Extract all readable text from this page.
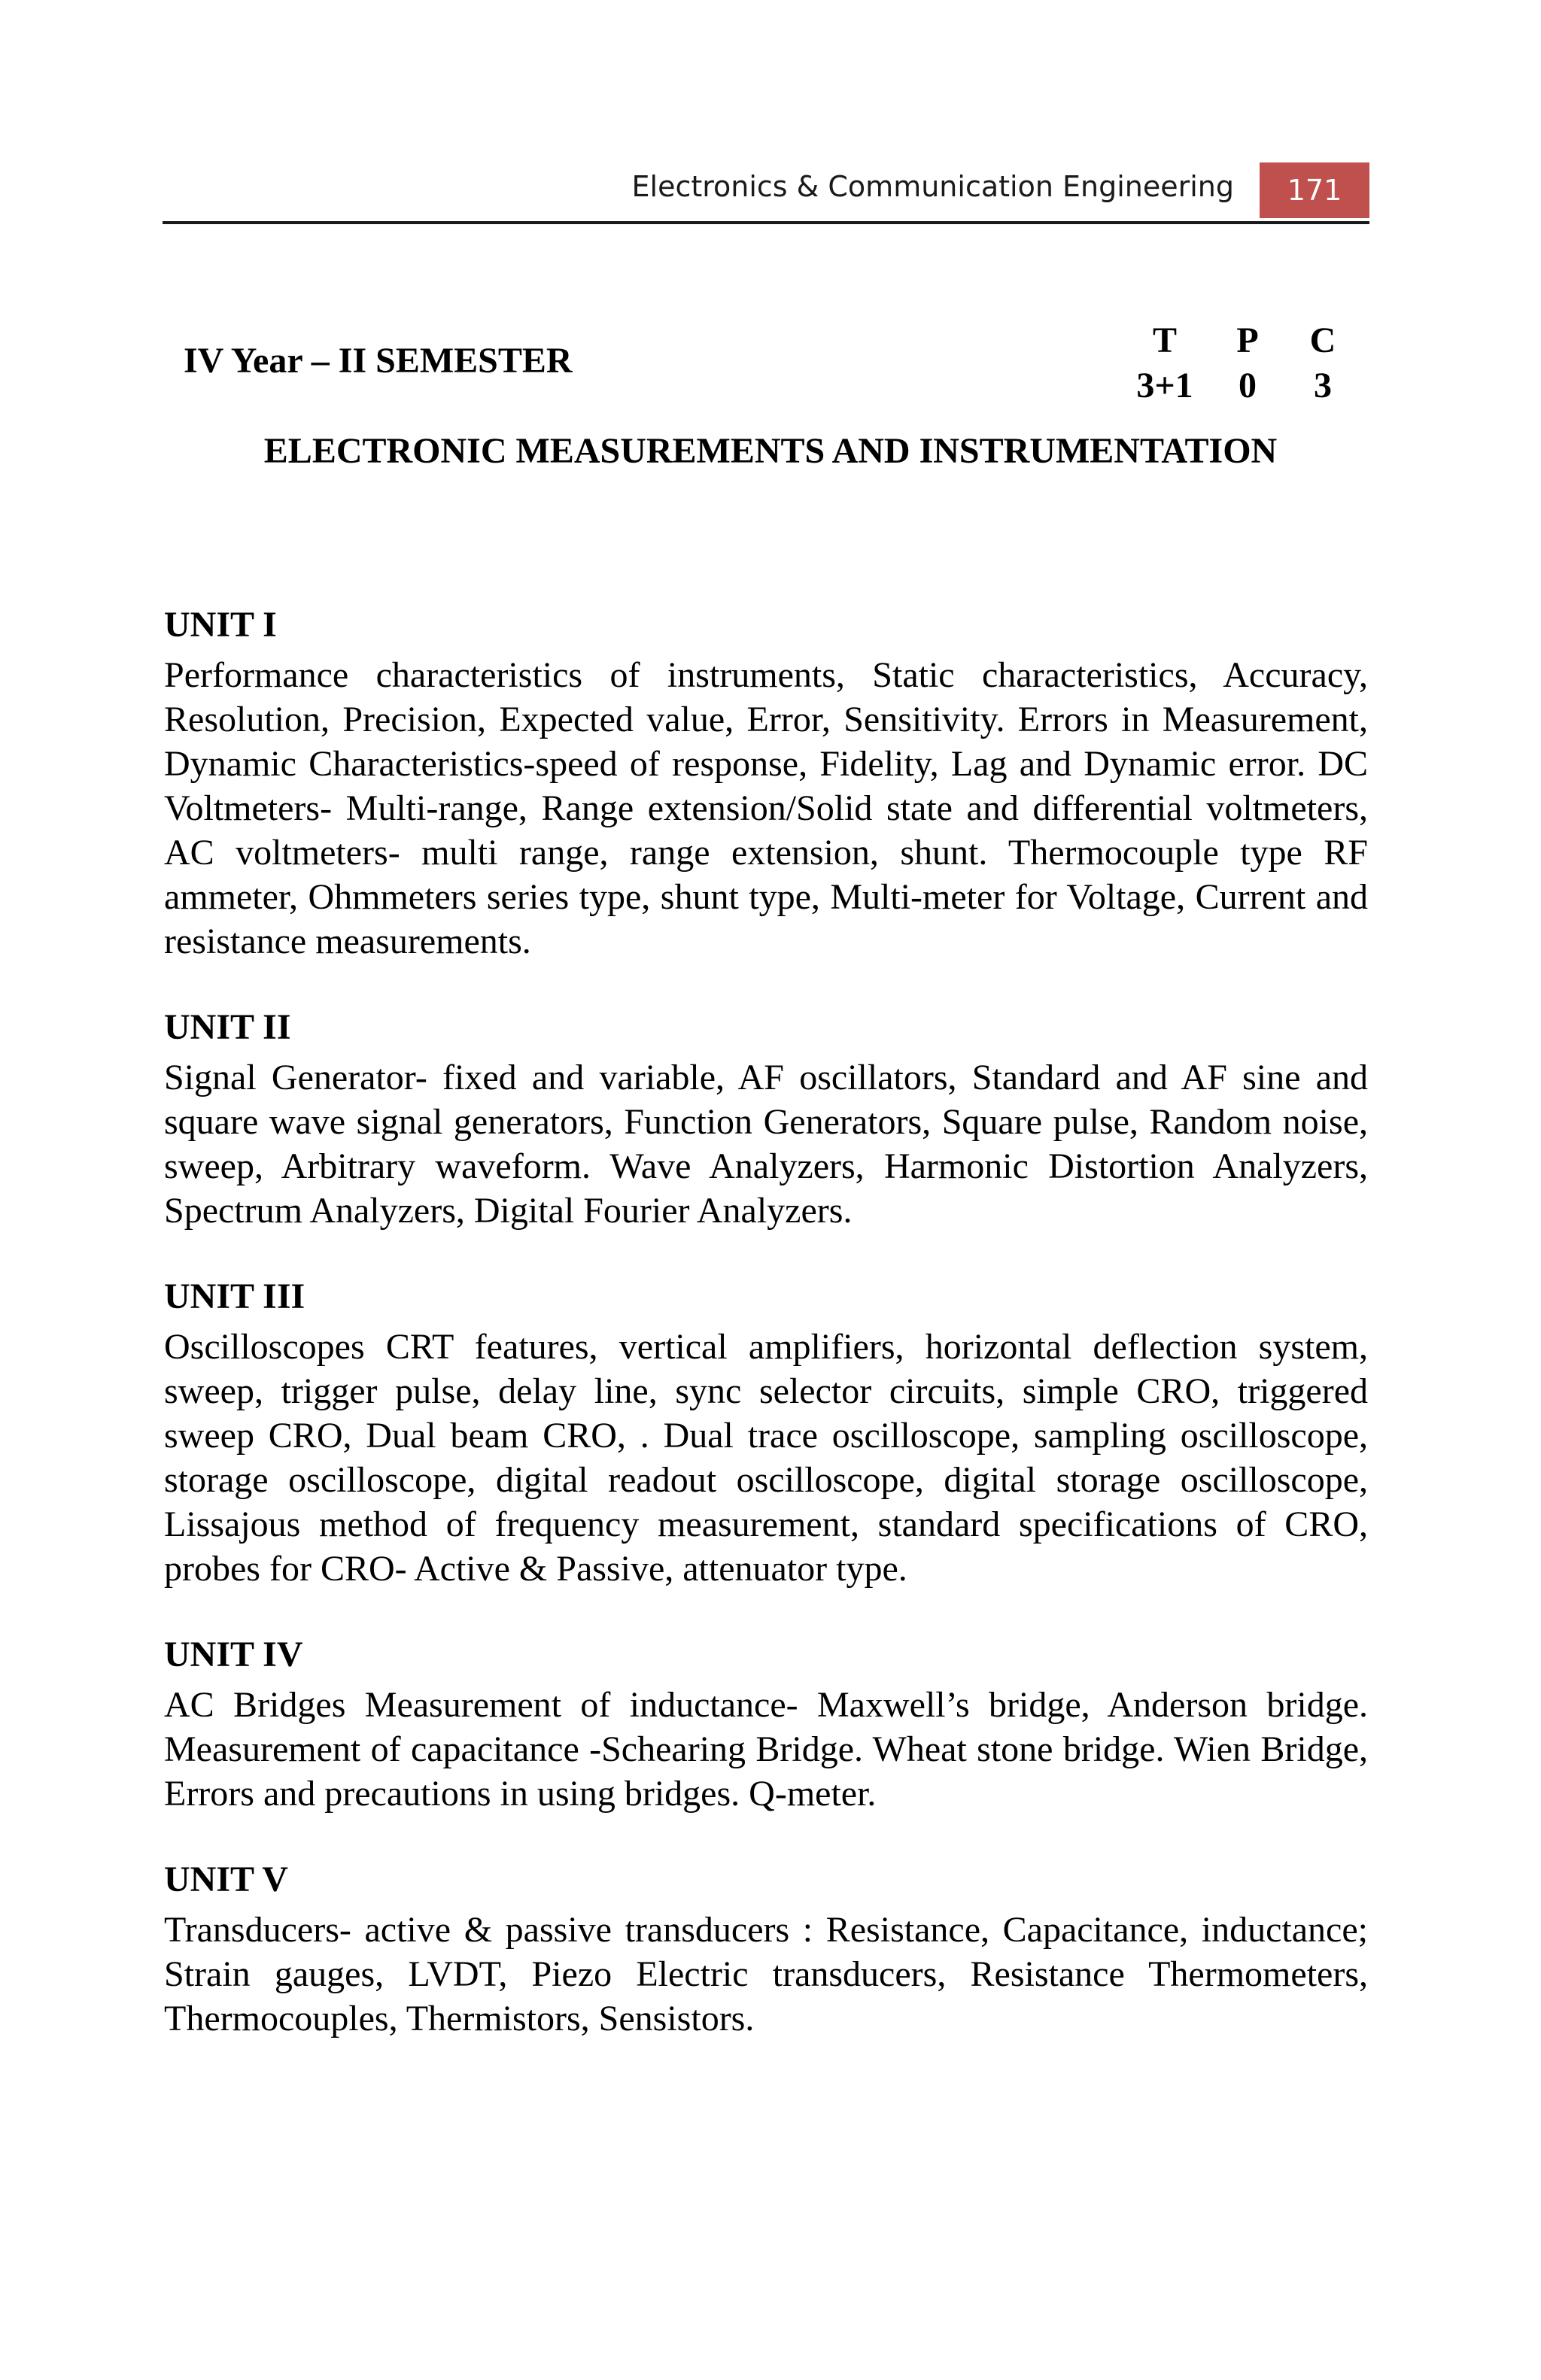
Electronics & Communication Engineering	171
IV Year – II SEMESTER
T	P	C
3+1	0	3
ELECTRONIC MEASUREMENTS AND INSTRUMENTATION
UNIT I

Performance characteristics of instruments, Static characteristics, Accuracy, Resolution, Precision, Expected value, Error, Sensitivity. Errors in Measurement, Dynamic Characteristics-speed of response, Fidelity, Lag and Dynamic error. DC Voltmeters- Multi-range, Range extension/Solid state and differential voltmeters, AC voltmeters- multi range, range extension, shunt. Thermocouple type RF ammeter, Ohmmeters series type, shunt type, Multi-meter for Voltage, Current and resistance measurements.

UNIT II

Signal Generator- fixed and variable, AF oscillators, Standard and AF sine and square wave signal generators, Function Generators, Square pulse, Random noise, sweep, Arbitrary waveform. Wave Analyzers, Harmonic Distortion Analyzers, Spectrum Analyzers, Digital Fourier Analyzers.

UNIT III

Oscilloscopes CRT features, vertical amplifiers, horizontal deflection system, sweep, trigger pulse, delay line, sync selector circuits, simple CRO, triggered sweep CRO, Dual beam CRO, . Dual trace oscilloscope, sampling oscilloscope, storage oscilloscope, digital readout oscilloscope, digital storage oscilloscope, Lissajous method of frequency measurement, standard specifications of CRO, probes for CRO- Active & Passive, attenuator type.

UNIT IV

AC Bridges Measurement of inductance- Maxwell’s bridge, Anderson bridge. Measurement of capacitance -Schearing Bridge. Wheat stone bridge. Wien Bridge, Errors and precautions in using bridges. Q-meter.

UNIT V

Transducers- active & passive transducers : Resistance, Capacitance, inductance; Strain gauges, LVDT, Piezo Electric transducers, Resistance Thermometers, Thermocouples, Thermistors, Sensistors.
